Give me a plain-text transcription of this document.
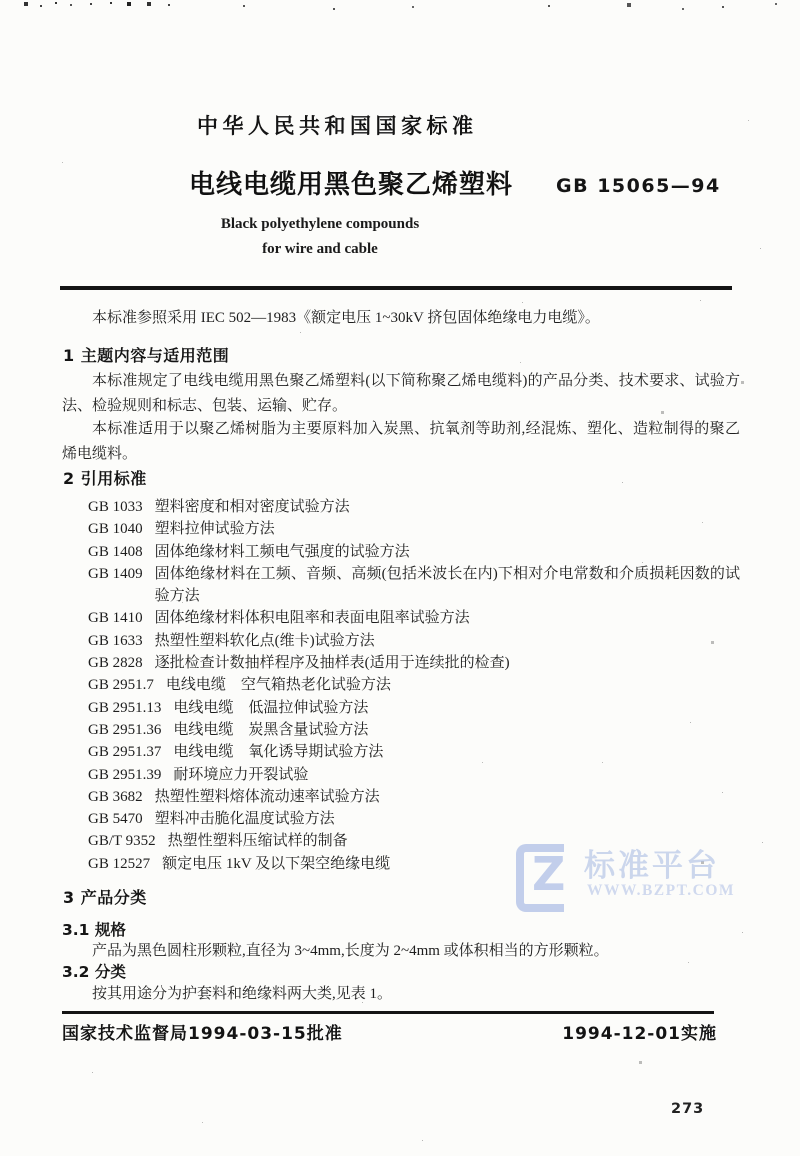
中华人民共和国国家标准
电线电缆用黑色聚乙烯塑料 GB 15065—94
Black polyethylene compounds
for wire and cable
本标准参照采用 IEC 502—1983《额定电压 1~30kV 挤包固体绝缘电力电缆》。
1 主题内容与适用范围
本标准规定了电线电缆用黑色聚乙烯塑料(以下简称聚乙烯电缆料)的产品分类、技术要求、试验方法、检验规则和标志、包装、运输、贮存。
本标准适用于以聚乙烯树脂为主要原料加入炭黑、抗氧剂等助剂,经混炼、塑化、造粒制得的聚乙烯电缆料。
2 引用标准
GB 1033 塑料密度和相对密度试验方法
GB 1040 塑料拉伸试验方法
GB 1408 固体绝缘材料工频电气强度的试验方法
GB 1409 固体绝缘材料在工频、音频、高频(包括米波长在内)下相对介电常数和介质损耗因数的试验方法
GB 1410 固体绝缘材料体积电阻率和表面电阻率试验方法
GB 1633 热塑性塑料软化点(维卡)试验方法
GB 2828 逐批检查计数抽样程序及抽样表(适用于连续批的检查)
GB 2951.7 电线电缆　空气箱热老化试验方法
GB 2951.13 电线电缆　低温拉伸试验方法
GB 2951.36 电线电缆　炭黑含量试验方法
GB 2951.37 电线电缆　氧化诱导期试验方法
GB 2951.39 耐环境应力开裂试验
GB 3682 热塑性塑料熔体流动速率试验方法
GB 5470 塑料冲击脆化温度试验方法
GB/T 9352 热塑性塑料压缩试样的制备
GB 12527 额定电压 1kV 及以下架空绝缘电缆
3 产品分类
3.1 规格
产品为黑色圆柱形颗粒,直径为 3~4mm,长度为 2~4mm 或体积相当的方形颗粒。
3.2 分类
按其用途分为护套料和绝缘料两大类,见表 1。
国家技术监督局1994-03-15批准	1994-12-01实施
273
Z 标准平台
WWW.BZPT.COM
